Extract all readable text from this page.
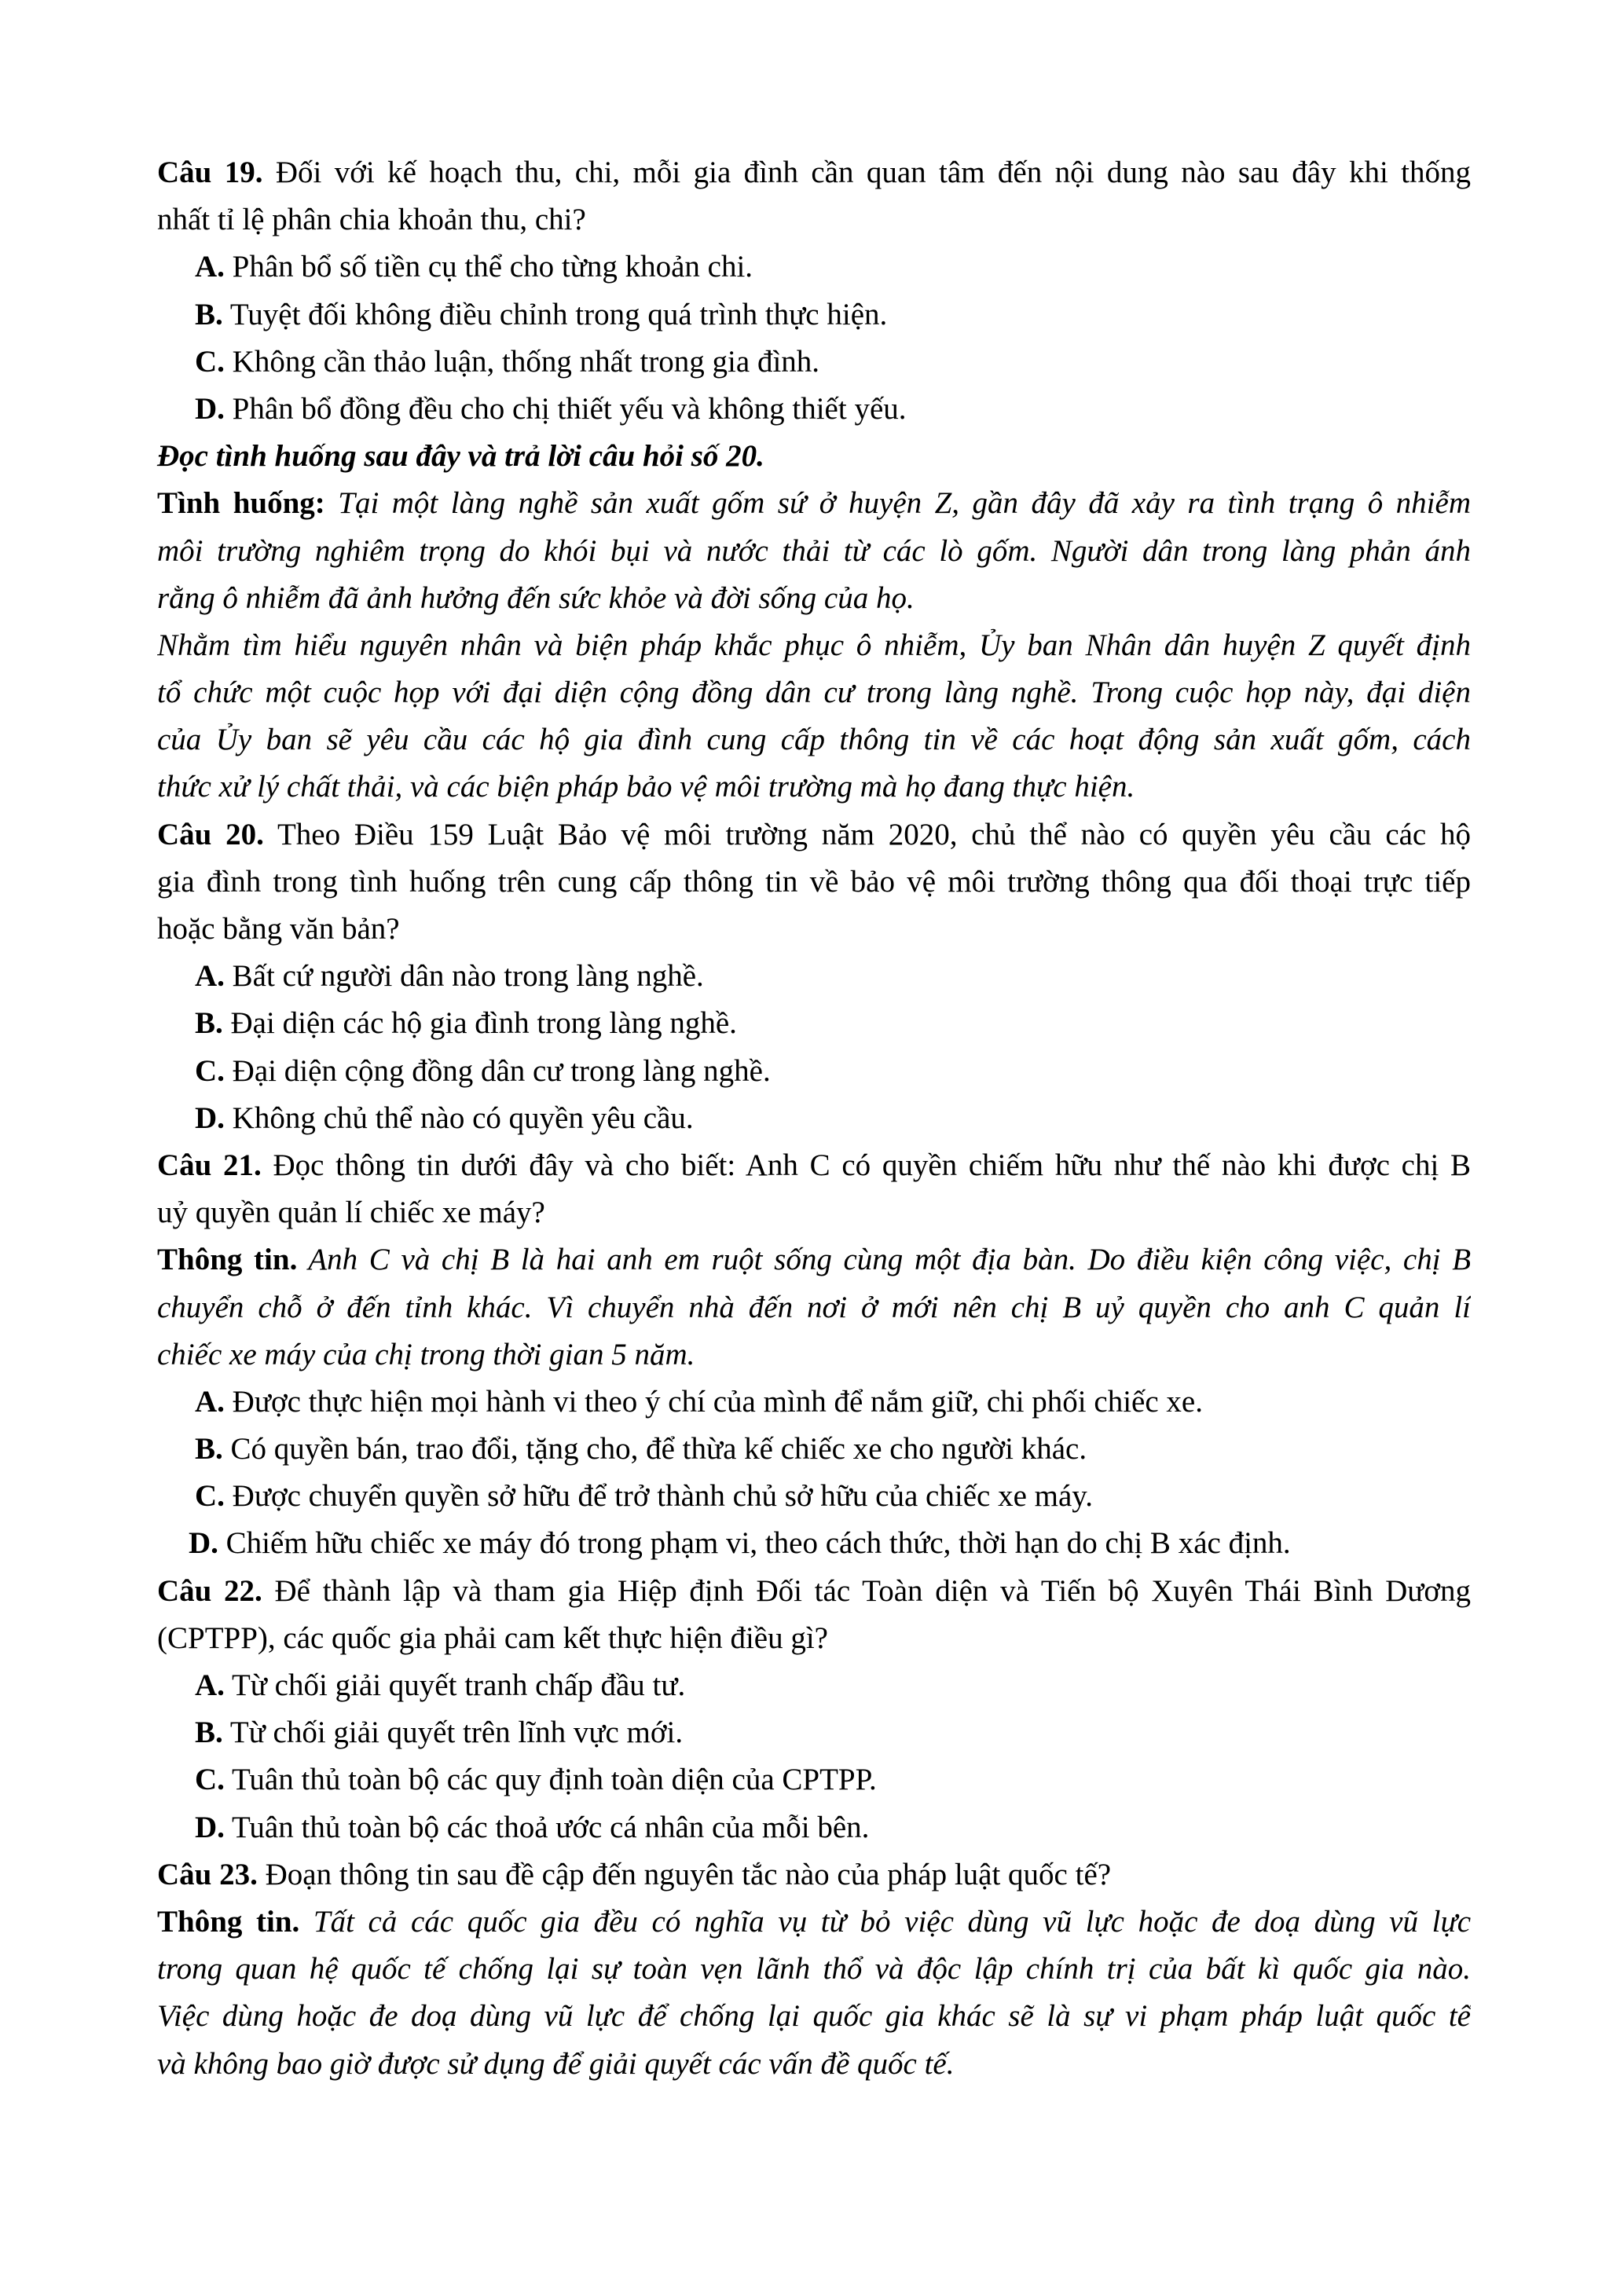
Câu 19. Đối với kế hoạch thu, chi, mỗi gia đình cần quan tâm đến nội dung nào sau đây khi thống
nhất tỉ lệ phân chia khoản thu, chi?
A. Phân bổ số tiền cụ thể cho từng khoản chi.
B. Tuyệt đối không điều chỉnh trong quá trình thực hiện.
C. Không cần thảo luận, thống nhất trong gia đình.
D. Phân bổ đồng đều cho chị thiết yếu và không thiết yếu.
Đọc tình huống sau đây và trả lời câu hỏi số 20.
Tình huống: Tại một làng nghề sản xuất gốm sứ ở huyện Z, gần đây đã xảy ra tình trạng ô nhiễm
môi trường nghiêm trọng do khói bụi và nước thải từ các lò gốm. Người dân trong làng phản ánh
rằng ô nhiễm đã ảnh hưởng đến sức khỏe và đời sống của họ.
Nhằm tìm hiểu nguyên nhân và biện pháp khắc phục ô nhiễm, Ủy ban Nhân dân huyện Z quyết định
tổ chức một cuộc họp với đại diện cộng đồng dân cư trong làng nghề. Trong cuộc họp này, đại diện
của Ủy ban sẽ yêu cầu các hộ gia đình cung cấp thông tin về các hoạt động sản xuất gốm, cách
thức xử lý chất thải, và các biện pháp bảo vệ môi trường mà họ đang thực hiện.
Câu 20. Theo Điều 159 Luật Bảo vệ môi trường năm 2020, chủ thể nào có quyền yêu cầu các hộ
gia đình trong tình huống trên cung cấp thông tin về bảo vệ môi trường thông qua đối thoại trực tiếp
hoặc bằng văn bản?
A. Bất cứ người dân nào trong làng nghề.
B. Đại diện các hộ gia đình trong làng nghề.
C. Đại diện cộng đồng dân cư trong làng nghề.
D. Không chủ thể nào có quyền yêu cầu.
Câu 21. Đọc thông tin dưới đây và cho biết: Anh C có quyền chiếm hữu như thế nào khi được chị B
uỷ quyền quản lí chiếc xe máy?
Thông tin. Anh C và chị B là hai anh em ruột sống cùng một địa bàn. Do điều kiện công việc, chị B
chuyển chỗ ở đến tỉnh khác. Vì chuyển nhà đến nơi ở mới nên chị B uỷ quyền cho anh C quản lí
chiếc xe máy của chị trong thời gian 5 năm.
A. Được thực hiện mọi hành vi theo ý chí của mình để nắm giữ, chi phối chiếc xe.
B. Có quyền bán, trao đổi, tặng cho, để thừa kế chiếc xe cho người khác.
C. Được chuyển quyền sở hữu để trở thành chủ sở hữu của chiếc xe máy.
D. Chiếm hữu chiếc xe máy đó trong phạm vi, theo cách thức, thời hạn do chị B xác định.
Câu 22. Để thành lập và tham gia Hiệp định Đối tác Toàn diện và Tiến bộ Xuyên Thái Bình Dương
(CPTPP), các quốc gia phải cam kết thực hiện điều gì?
A. Từ chối giải quyết tranh chấp đầu tư.
B. Từ chối giải quyết trên lĩnh vực mới.
C. Tuân thủ toàn bộ các quy định toàn diện của CPTPP.
D. Tuân thủ toàn bộ các thoả ước cá nhân của mỗi bên.
Câu 23. Đoạn thông tin sau đề cập đến nguyên tắc nào của pháp luật quốc tế?
Thông tin. Tất cả các quốc gia đều có nghĩa vụ từ bỏ việc dùng vũ lực hoặc đe doạ dùng vũ lực
trong quan hệ quốc tế chống lại sự toàn vẹn lãnh thổ và độc lập chính trị của bất kì quốc gia nào.
Việc dùng hoặc đe doạ dùng vũ lực để chống lại quốc gia khác sẽ là sự vi phạm pháp luật quốc tế
và không bao giờ được sử dụng để giải quyết các vấn đề quốc tế.
